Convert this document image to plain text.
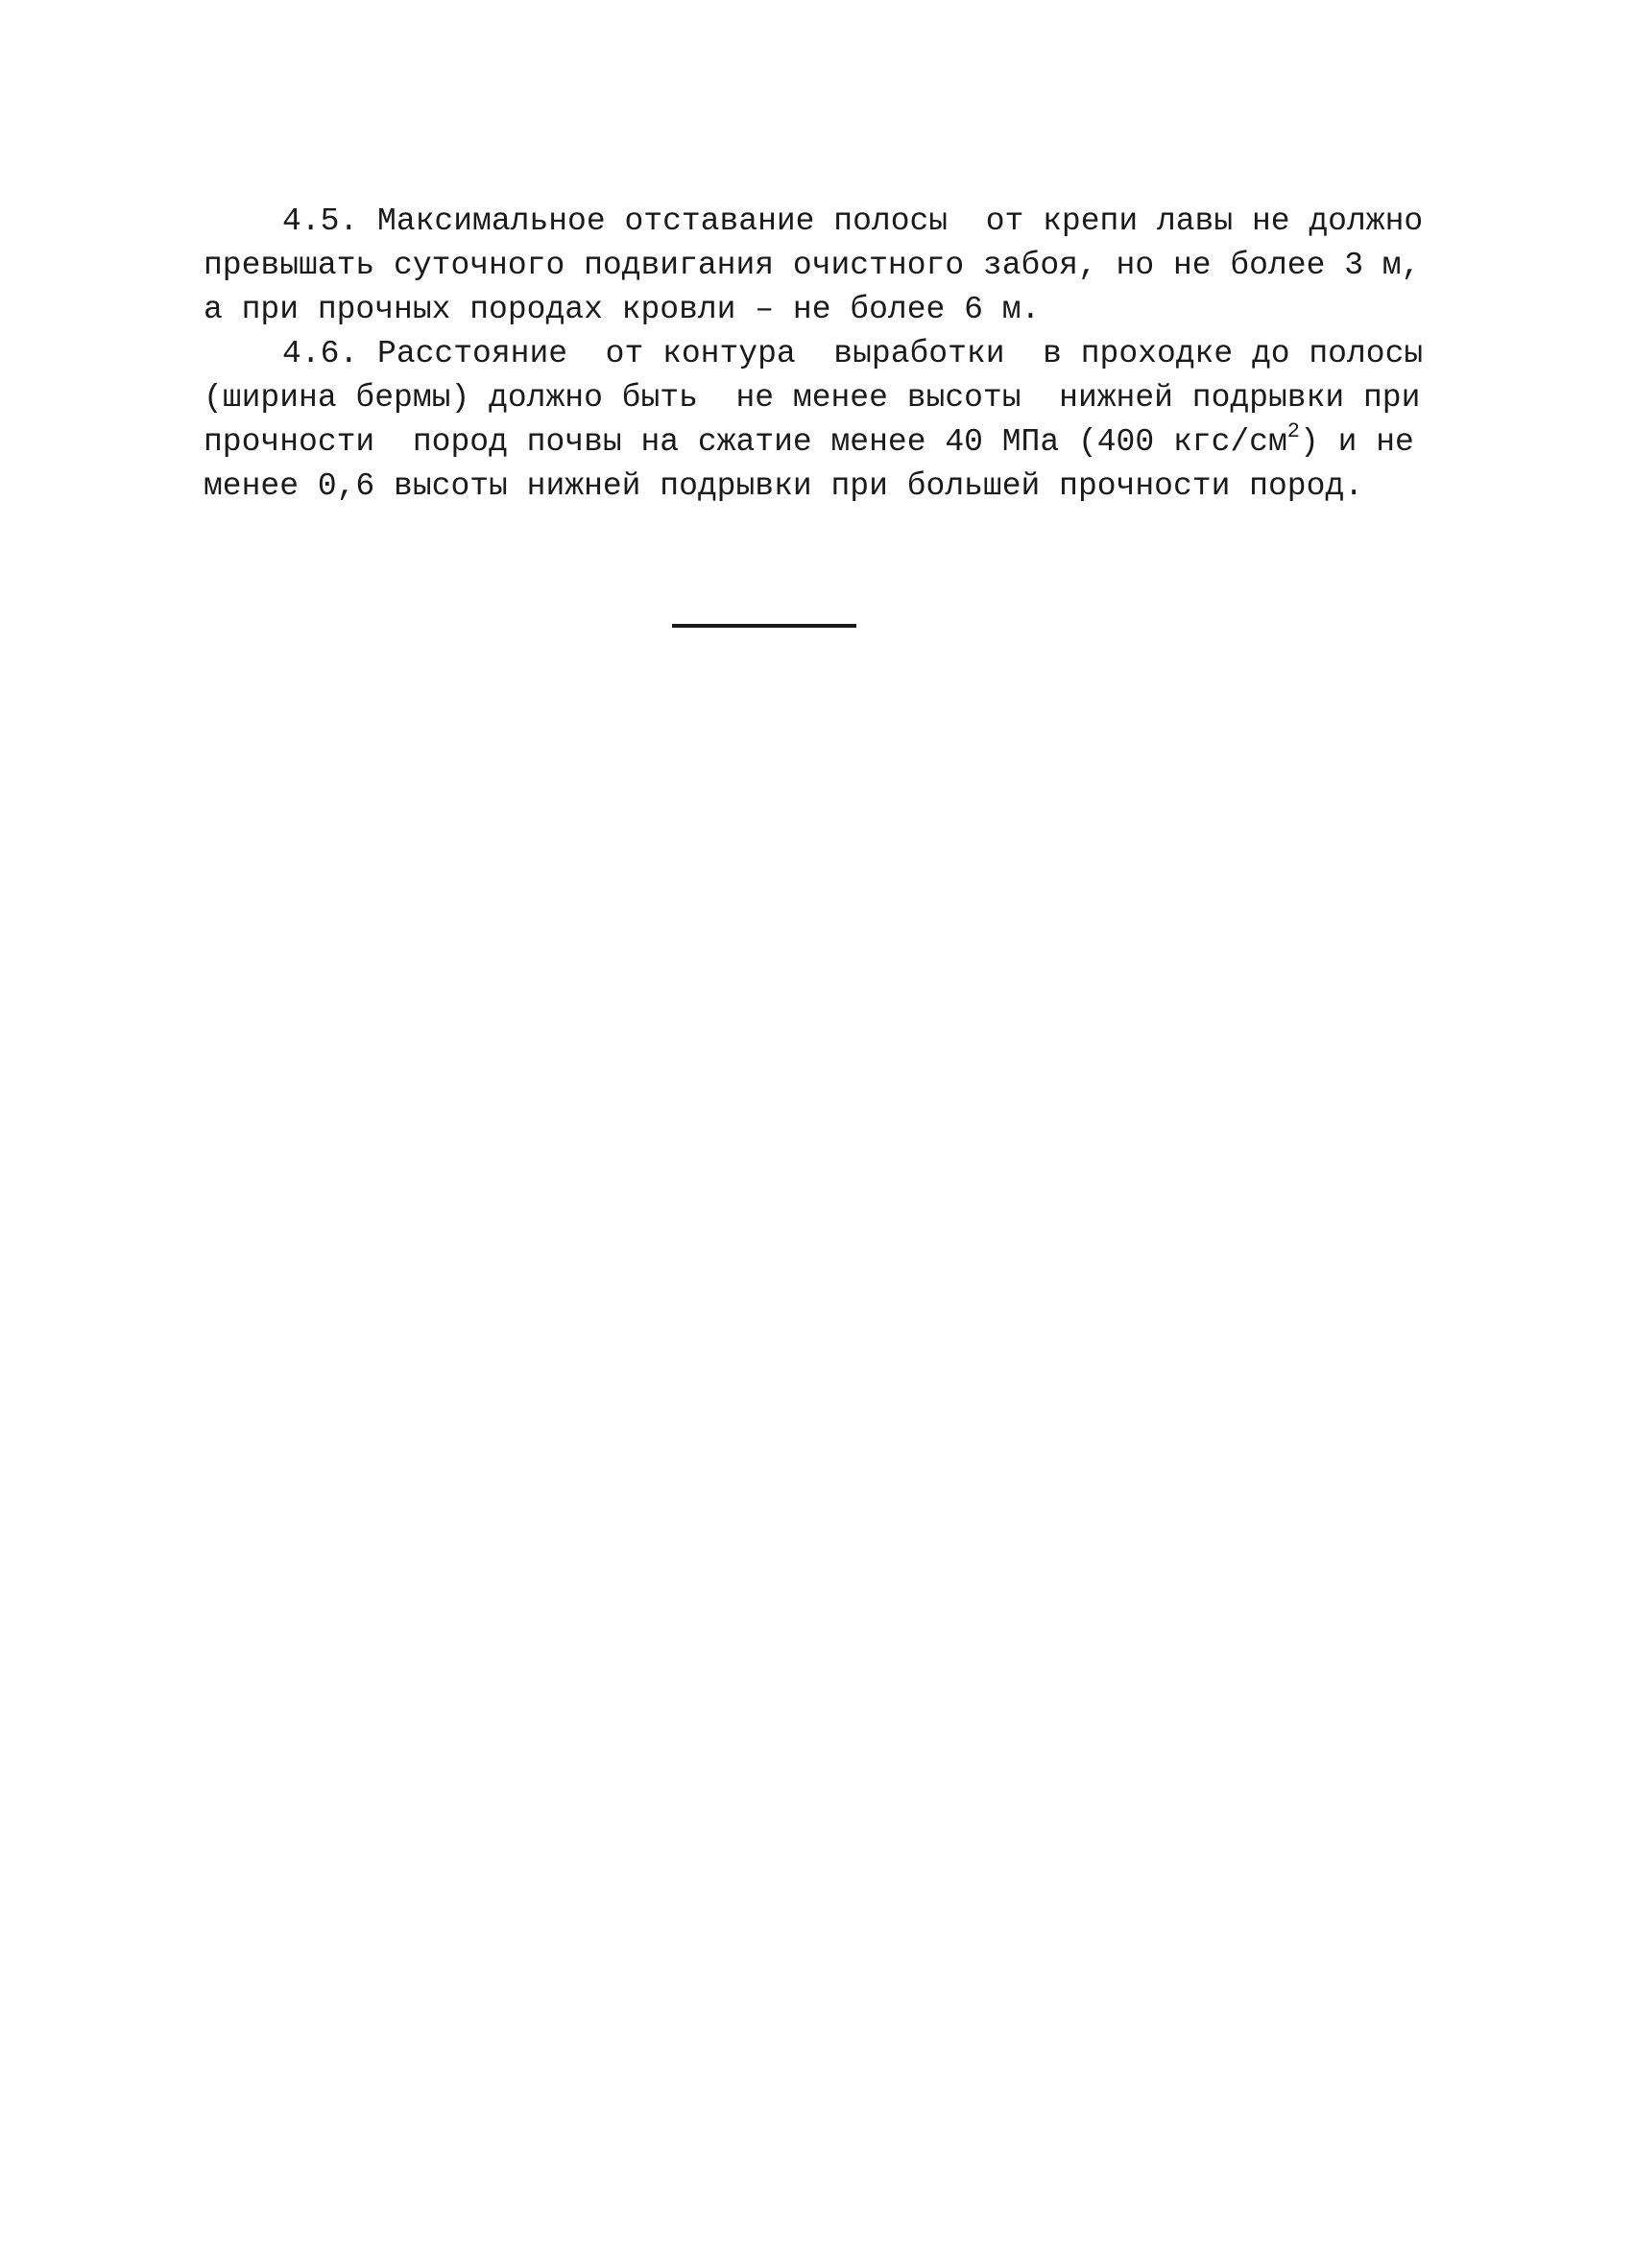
4.5. Максимальное отставание полосы  от крепи лавы не должно
превышать суточного подвигания очистного забоя, но не более 3 м,
а при прочных породах кровли – не более 6 м.
4.6. Расстояние  от контура  выработки  в проходке до полосы
(ширина бермы) должно быть  не менее высоты  нижней подрывки при
прочности  пород почвы на сжатие менее 40 МПа (400 кгс/$см^2$) и не
менее 0,6 высоты нижней подрывки при большей прочности пород.
